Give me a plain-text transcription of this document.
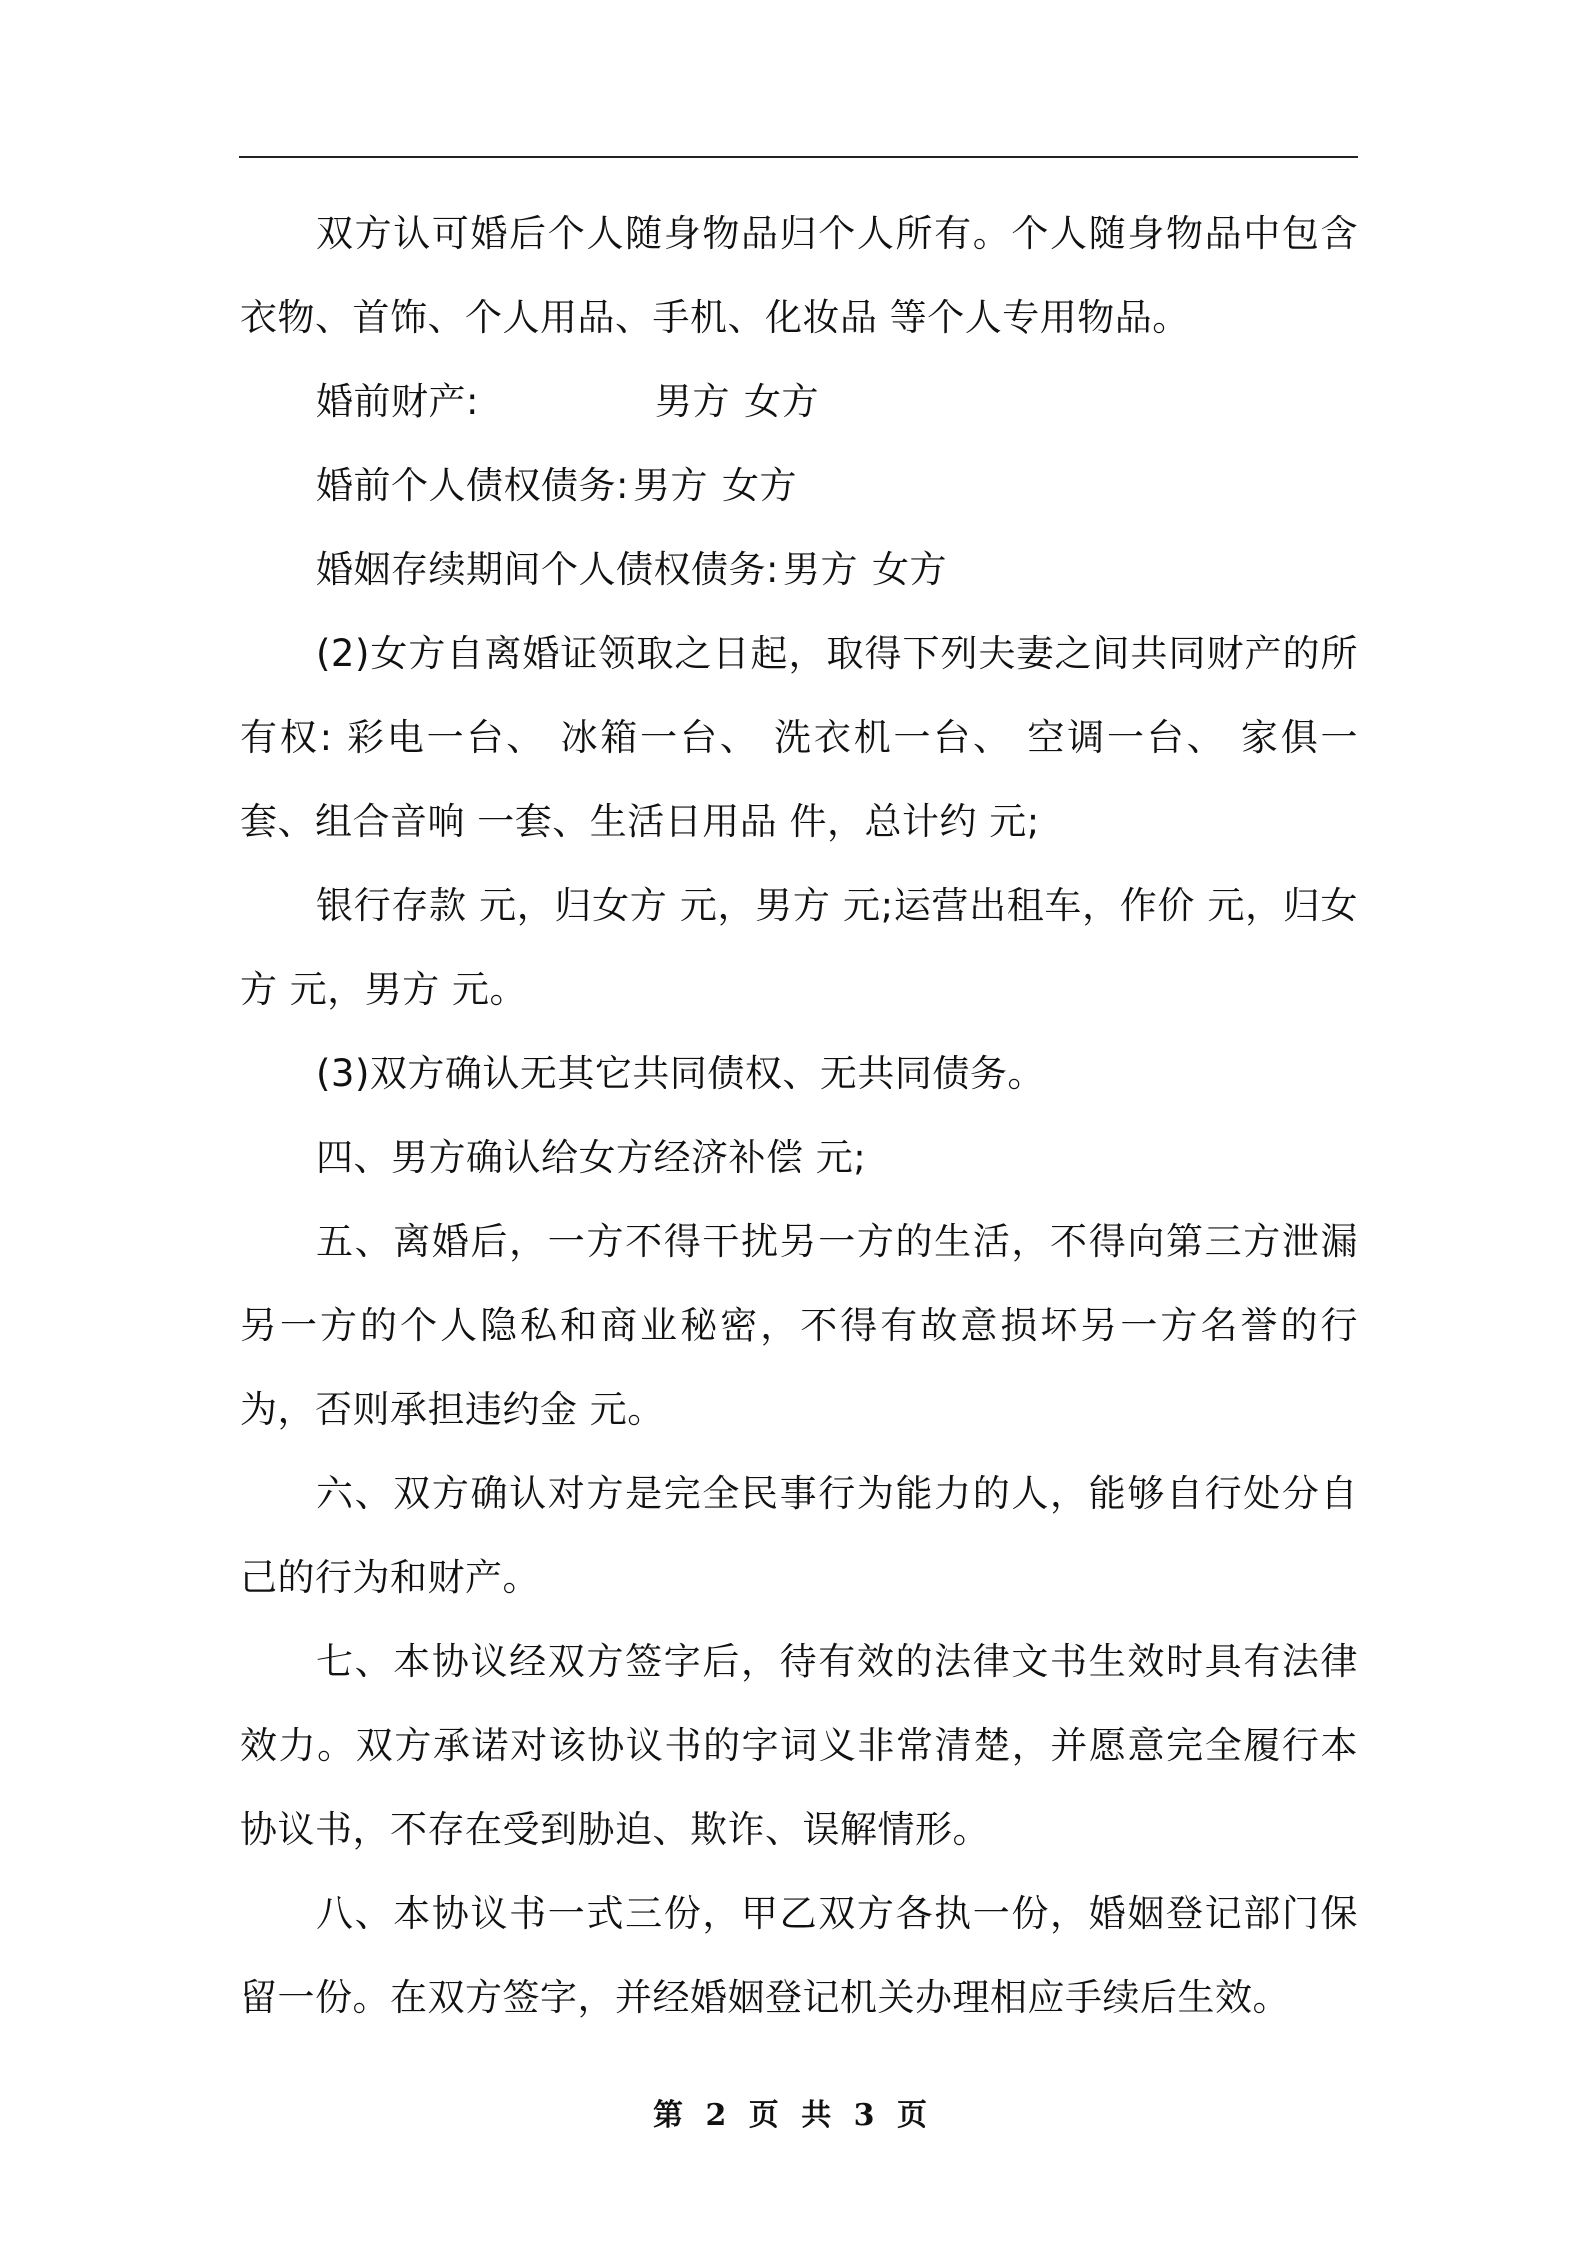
双方认可婚后个人随身物品归个人所有。个人随身物品中包含衣物、首饰、个人用品、手机、化妆品 等个人专用物品。

婚前财产:	男方 女方
婚前个人债权债务: 男方 女方
婚姻存续期间个人债权债务: 男方 女方

(2)女方自离婚证领取之日起，取得下列夫妻之间共同财产的所有权: 彩电一台、 冰箱一台、 洗衣机一台、 空调一台、 家俱一套、组合音响 一套、生活日用品 件，总计约 元;

银行存款 元，归女方 元，男方 元;运营出租车，作价 元，归女方 元，男方 元。

(3)双方确认无其它共同债权、无共同债务。

四、男方确认给女方经济补偿 元;

五、离婚后，一方不得干扰另一方的生活，不得向第三方泄漏另一方的个人隐私和商业秘密，不得有故意损坏另一方名誉的行为，否则承担违约金 元。

六、双方确认对方是完全民事行为能力的人，能够自行处分自己的行为和财产。

七、本协议经双方签字后，待有效的法律文书生效时具有法律效力。双方承诺对该协议书的字词义非常清楚，并愿意完全履行本协议书，不存在受到胁迫、欺诈、误解情形。

八、本协议书一式三份，甲乙双方各执一份，婚姻登记部门保留一份。在双方签字，并经婚姻登记机关办理相应手续后生效。

第 2 页 共 3 页
